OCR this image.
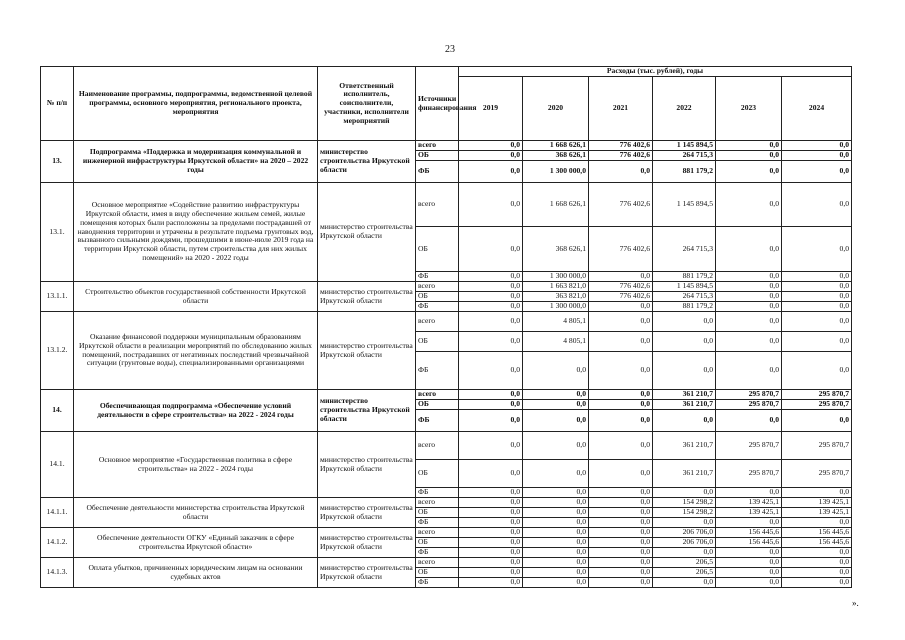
23
№ п/п	Наименование программы, подпрограммы, ведомственной целевой программы, основного мероприятия, регионального проекта, мероприятия	Ответственный исполнитель, соисполнители, участники, исполнители мероприятий	Источники финансирования	Расходы (тыс. рублей), годы					
				2019	2020	2021	2022	2023	2024
13.	Подпрограмма «Поддержка и модернизация коммунальной и инженерной инфраструктуры Иркутской области» на 2020 – 2022 годы	министерство строительства Иркутской области	всего	0,0	1 668 626,1	776 402,6	1 145 894,5	0,0	0,0
			ОБ	0,0	368 626,1	776 402,6	264 715,3	0,0	0,0
			ФБ	0,0	1 300 000,0	0,0	881 179,2	0,0	0,0
13.1.	Основное мероприятие «Содействие развитию инфраструктуры Иркутской области, имея в виду обеспечение жильем семей, жилые помещения которых были расположены за пределами пострадавшей от наводнения территории и утрачены в результате подъема грунтовых вод, вызванного сильными дождями, прошедшими в июне-июле 2019 года на территории Иркутской области, путем строительства для них жилых помещений» на 2020 - 2022 годы	министерство строительства Иркутской области	всего	0,0	1 668 626,1	776 402,6	1 145 894,5	0,0	0,0
			ОБ	0,0	368 626,1	776 402,6	264 715,3	0,0	0,0
			ФБ	0,0	1 300 000,0	0,0	881 179,2	0,0	0,0
13.1.1.	Строительство объектов государственной собственности Иркутской области	министерство строительства Иркутской области	всего	0,0	1 663 821,0	776 402,6	1 145 894,5	0,0	0,0
			ОБ	0,0	363 821,0	776 402,6	264 715,3	0,0	0,0
			ФБ	0,0	1 300 000,0	0,0	881 179,2	0,0	0,0
13.1.2.	Оказание финансовой поддержки муниципальным образованиям Иркутской области в реализации мероприятий по обследованию жилых помещений, пострадавших от негативных последствий чрезвычайной ситуации (грунтовые воды), специализированными организациями	министерство строительства Иркутской области	всего	0,0	4 805,1	0,0	0,0	0,0	0,0
			ОБ	0,0	4 805,1	0,0	0,0	0,0	0,0
			ФБ	0,0	0,0	0,0	0,0	0,0	0,0
14.	Обеспечивающая подпрограмма «Обеспечение условий деятельности в сфере строительства» на 2022 - 2024 годы	министерство строительства Иркутской области	всего	0,0	0,0	0,0	361 210,7	295 870,7	295 870,7
			ОБ	0,0	0,0	0,0	361 210,7	295 870,7	295 870,7
			ФБ	0,0	0,0	0,0	0,0	0,0	0,0
14.1.	Основное мероприятие «Государственная политика в сфере строительства» на 2022 - 2024 годы	министерство строительства Иркутской области	всего	0,0	0,0	0,0	361 210,7	295 870,7	295 870,7
			ОБ	0,0	0,0	0,0	361 210,7	295 870,7	295 870,7
			ФБ	0,0	0,0	0,0	0,0	0,0	0,0
14.1.1.	Обеспечение деятельности министерства строительства Иркутской области	министерство строительства Иркутской области	всего	0,0	0,0	0,0	154 298,2	139 425,1	139 425,1
			ОБ	0,0	0,0	0,0	154 298,2	139 425,1	139 425,1
			ФБ	0,0	0,0	0,0	0,0	0,0	0,0
14.1.2.	Обеспечение деятельности ОГКУ «Единый заказчик в сфере строительства Иркутской области»	министерство строительства Иркутской области	всего	0,0	0,0	0,0	206 706,0	156 445,6	156 445,6
			ОБ	0,0	0,0	0,0	206 706,0	156 445,6	156 445,6
			ФБ	0,0	0,0	0,0	0,0	0,0	0,0
14.1.3.	Оплата убытков, причиненных юридическим лицам на основании судебных актов	министерство строительства Иркутской области	всего	0,0	0,0	0,0	206,5	0,0	0,0
			ОБ	0,0	0,0	0,0	206,5	0,0	0,0
			ФБ	0,0	0,0	0,0	0,0	0,0	0,0
».
